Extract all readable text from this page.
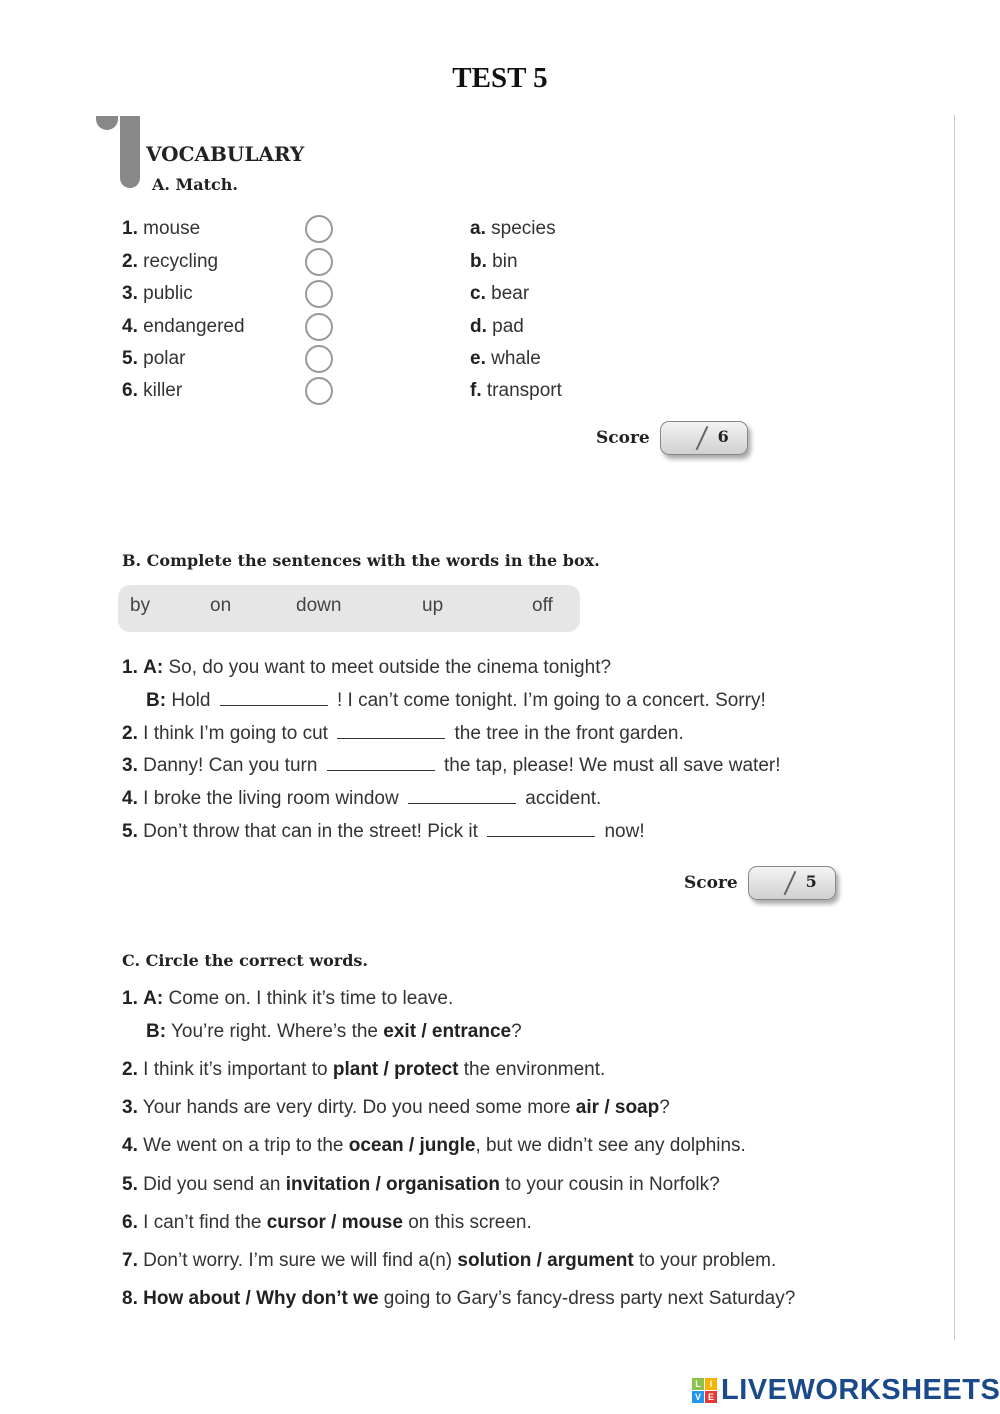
TEST 5
VOCABULARY
A. Match.
Score	6
B. Complete the sentences with the words in the box.
by	on	down	up	off
Score	5
C. Circle the correct words.
L I
V E LIVEWORKSHEETS
1. mouse	a. species
2. recycling	b. bin
3. public	c. bear
4. endangered	d. pad
5. polar	e. whale
6. killer	f. transport
1. A: So, do you want to meet outside the cinema tonight?
B: Hold	! I can’t come tonight. I’m going to a concert. Sorry!
2. I think I’m going to cut	the tree in the front garden.
3. Danny! Can you turn	the tap, please! We must all save water!
4. I broke the living room window	accident.
5. Don’t throw that can in the street! Pick it	now!
1. A: Come on. I think it’s time to leave.
B: You’re right. Where’s the exit / entrance?
2. I think it’s important to plant / protect the environment.
3. Your hands are very dirty. Do you need some more air / soap?
4. We went on a trip to the ocean / jungle, but we didn’t see any dolphins.
5. Did you send an invitation / organisation to your cousin in Norfolk?
6. I can’t find the cursor / mouse on this screen.
7. Don’t worry. I’m sure we will find a(n) solution / argument to your problem.
8. How about / Why don’t we going to Gary’s fancy-dress party next Saturday?
